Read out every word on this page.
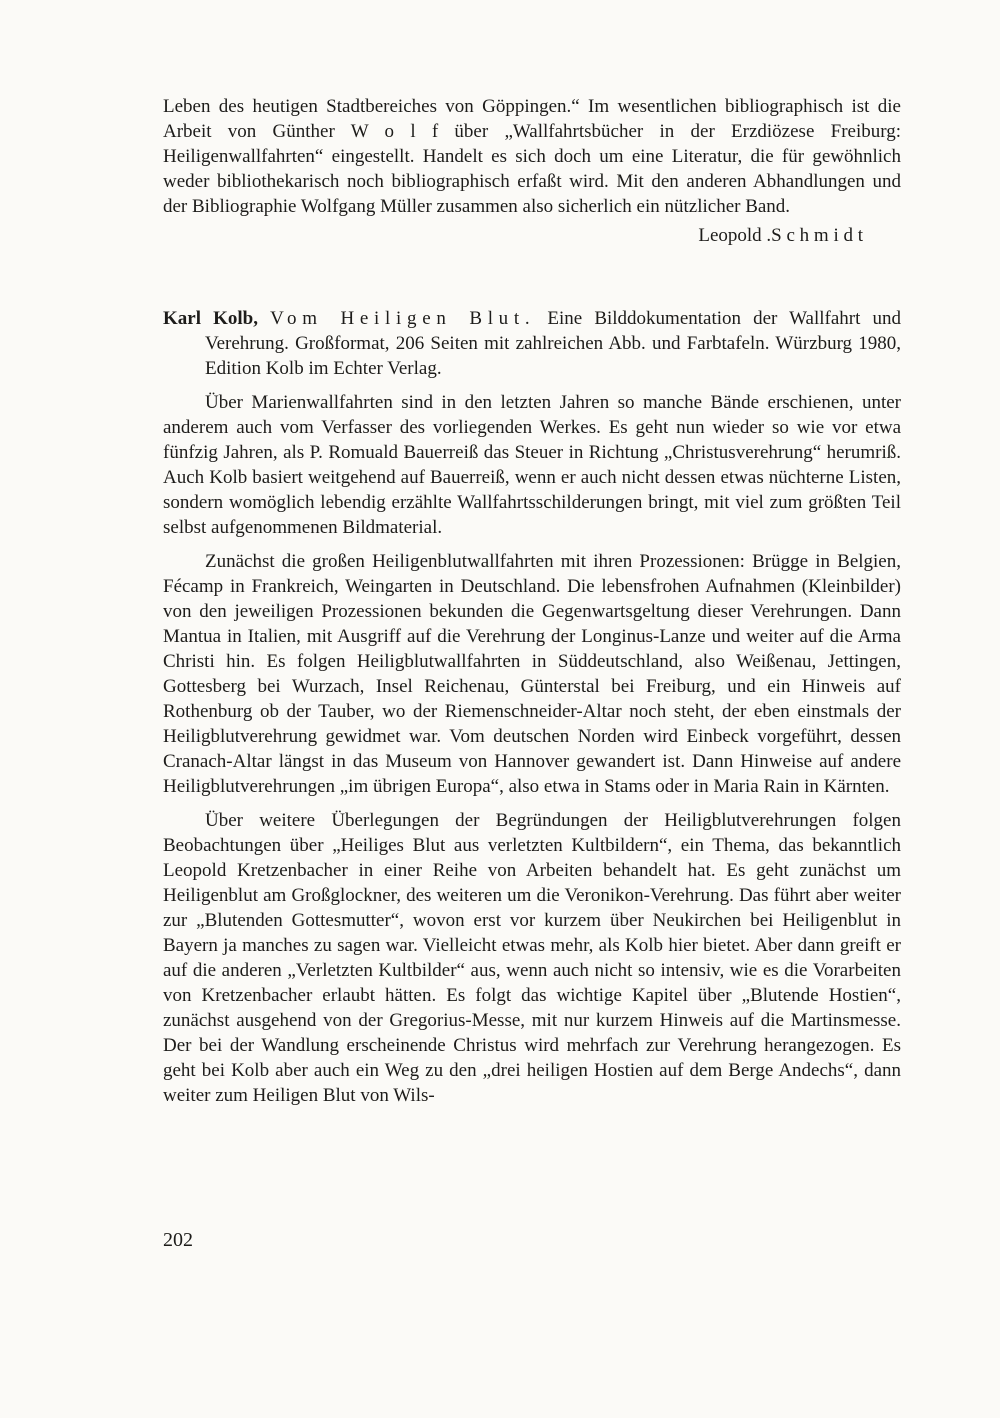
Leben des heutigen Stadtbereiches von Göppingen.“ Im wesentlichen bibliographisch ist die Arbeit von Günther W o l f über „Wallfahrtsbücher in der Erzdiözese Freiburg: Heiligenwallfahrten“ eingestellt. Handelt es sich doch um eine Literatur, die für gewöhnlich weder bibliothekarisch noch bibliographisch erfaßt wird. Mit den anderen Abhandlungen und der Bibliographie Wolfgang Müller zusammen also sicherlich ein nützlicher Band.

Leopold .S c h m i d t

Karl Kolb, Vom Heiligen Blut. Eine Bilddokumentation der Wallfahrt und Verehrung. Großformat, 206 Seiten mit zahlreichen Abb. und Farbtafeln. Würzburg 1980, Edition Kolb im Echter Verlag.

Über Marienwallfahrten sind in den letzten Jahren so manche Bände erschienen, unter anderem auch vom Verfasser des vorliegenden Werkes. Es geht nun wieder so wie vor etwa fünfzig Jahren, als P. Romuald Bauerreiß das Steuer in Richtung „Christusverehrung“ herumriß. Auch Kolb basiert weitgehend auf Bauerreiß, wenn er auch nicht dessen etwas nüchterne Listen, sondern womöglich lebendig erzählte Wallfahrtsschilderungen bringt, mit viel zum größten Teil selbst aufgenommenen Bildmaterial.

Zunächst die großen Heiligenblutwallfahrten mit ihren Prozessionen: Brügge in Belgien, Fécamp in Frankreich, Weingarten in Deutschland. Die lebensfrohen Aufnahmen (Kleinbilder) von den jeweiligen Prozessionen bekunden die Gegenwartsgeltung dieser Verehrungen. Dann Mantua in Italien, mit Ausgriff auf die Verehrung der Longinus-Lanze und weiter auf die Arma Christi hin. Es folgen Heiligblutwallfahrten in Süddeutschland, also Weißenau, Jettingen, Gottesberg bei Wurzach, Insel Reichenau, Günterstal bei Freiburg, und ein Hinweis auf Rothenburg ob der Tauber, wo der Riemenschneider-Altar noch steht, der eben einstmals der Heiligblutverehrung gewidmet war. Vom deutschen Norden wird Einbeck vorgeführt, dessen Cranach-Altar längst in das Museum von Hannover gewandert ist. Dann Hinweise auf andere Heiligblutverehrungen „im übrigen Europa“, also etwa in Stams oder in Maria Rain in Kärnten.

Über weitere Überlegungen der Begründungen der Heiligblutverehrungen folgen Beobachtungen über „Heiliges Blut aus verletzten Kultbildern“, ein Thema, das bekanntlich Leopold Kretzenbacher in einer Reihe von Arbeiten behandelt hat. Es geht zunächst um Heiligenblut am Großglockner, des weiteren um die Veronikon-Verehrung. Das führt aber weiter zur „Blutenden Gottesmutter“, wovon erst vor kurzem über Neukirchen bei Heiligenblut in Bayern ja manches zu sagen war. Vielleicht etwas mehr, als Kolb hier bietet. Aber dann greift er auf die anderen „Verletzten Kultbilder“ aus, wenn auch nicht so intensiv, wie es die Vorarbeiten von Kretzenbacher erlaubt hätten. Es folgt das wichtige Kapitel über „Blutende Hostien“, zunächst ausgehend von der Gregorius-Messe, mit nur kurzem Hinweis auf die Martinsmesse. Der bei der Wandlung erscheinende Christus wird mehrfach zur Verehrung herangezogen. Es geht bei Kolb aber auch ein Weg zu den „drei heiligen Hostien auf dem Berge Andechs“, dann weiter zum Heiligen Blut von Wils-

202
